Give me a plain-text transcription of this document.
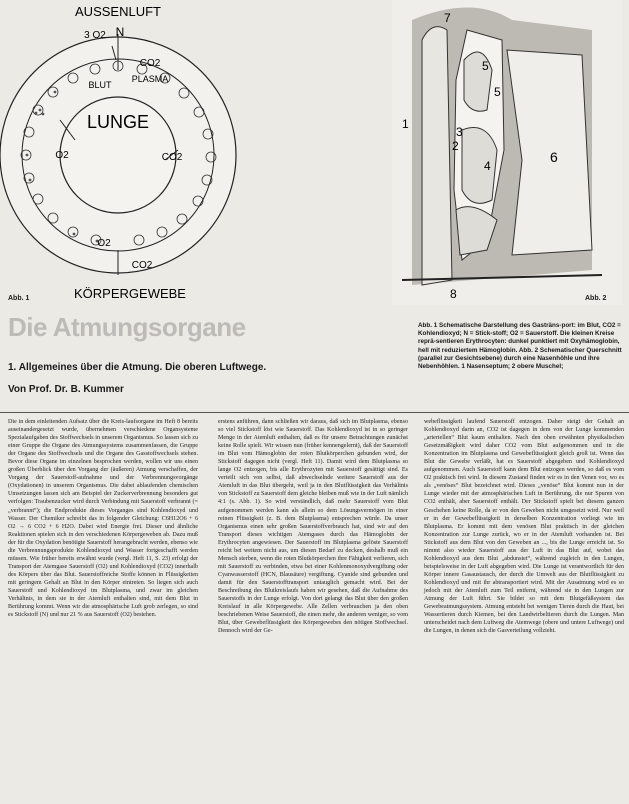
AUSSENLUFT
3 O2 N
CO2
BLUT
PLASMA
LUNGE
O2	CO2
O2
CO2
KÖRPERGEWEBE
Abb. 1
7
5
5
1
3
2
4
6
8	Abb. 2
Die Atmungsorgane
1. Allgemeines über die Atmung. Die oberen Luftwege.
Von Prof. Dr. B. Kummer
Abb. 1 Schematische Darstellung des Gasträns-port: im Blut, CO2 = Kohlendioxyd; N = Stick-stoff; O2 = Sauerstoff. Die kleinen Kreise reprä-sentieren Erythrocyten: dunkel punktiert mit Oxyhämoglobin, hell mit reduziertem Hämoglobin. Abb. 2 Schematischer Querschnitt (parallel zur Gesichtsebene) durch eine Nasenhöhle und ihre Nebenhöhlen. 1 Nasenseptum; 2 obere Muschel;

Die in dem einleitenden Aufsatz über die Kreis-laufsorgane im Heft 8 bereits auseinandergesetzt wurde, übernehmen verschiedene Organsysteme Spezialaufgaben des Stoffwechsels in unserem Organismus. So lassen sich zu einer Gruppe die Organe des Atmungssystems zusammenfassen, die Gruppe der Organe des Stoffwechsels und die Organe des Gasstoffwechsels stehen. Bevor diese Organe im einzelnen besprochen werden, wollen wir uns einen großen Überblick über den Vorgang der (äußeren) Atmung verschaffen, der Vorgang der Sauerstoff-aufnahme und der Verbrennungsvorgänge (Oxydationen) in unserem Organismus. Die dabei ablaufenden chemischen Umsetzungen lassen sich am Beispiel der Zuckerverbrennung besonders gut verfolgen: Traubenzucker wird durch Verbindung mit Sauerstoff verbrannt (= „verbrannt“); die Endprodukte dieses Vorganges sind Kohlendioxyd und Wasser. Der Chemiker schreibt das in folgender Gleichung: C6H12O6 + 6 O2 → 6 CO2 + 6 H2O. Dabei wird Energie frei. Dieser und ähnliche Reaktionen spielen sich in den verschiedenen Körpergeweben ab. Dazu muß der für die Oxydation benötigte Sauerstoff herangebracht werden, ebenso wie die Verbrennungsprodukte Kohlendioxyd und Wasser fortgeschafft werden müssen. Wie früher bereits erwähnt wurde (vergl. Heft 11, S. 23) erfolgt der Transport der Atemgase Sauerstoff (O2) und Kohlendioxyd (CO2) innerhalb des Körpers über das Blut. Sauerstoffreiche Stoffe können in Flüssigkeiten mit geringem Gehalt an Blut in den Körper eintreten. So liegen sich auch Sauerstoff und Kohlendioxyd im Blutplasma, und zwar im gleichen Verhältnis, in dem sie in der Atemluft enthalten sind, mit dem Blut in Berührung kommt. Wenn wir die atmosphärische Luft grob zerlegen, so sind es Stickstoff (N) und nur 21 % aus Sauerstoff (O2) bestehen.

erstens anführen, dann schließen wir daraus, daß sich im Blutplasma, ebenso so viel Stickstoff löst wie Sauerstoff. Das Kohlendioxyd ist in so geringer Menge in der Atemluft enthalten, daß es für unsere Betrachtungen zunächst keine Rolle spielt. Wir wissen nun (früher kennengelernt), daß der Sauerstoff im Blut vom Hämoglobin der roten Blutkörperchen gebunden wird, der Stickstoff dagegen nicht (vergl. Heft 11). Damit wird dem Blutplasma so lange O2 entzogen, bis alle Erythrozyten mit Sauerstoff gesättigt sind. Es verteilt sich von selbst, daß abwechselnde weitere Sauerstoff aus der Atemluft in das Blut übergeht, weil ja in den Blutflüssigkeit das Verhältnis von Stickstoff zu Sauerstoff dem gleiche bleiben muß wie in der Luft nämlich 4:1 (s. Abb. 1). So wird verständlich, daß mehr Sauerstoff vom Blut aufgenommen werden kann als allein so dem Lösungsvermögen in einer reinen Flüssigkeit (z. B. dem Blutplasma) entsprechen würde. Da unser Organismus einen sehr großen Sauerstoffverbrauch hat, sind wir auf den Transport dieses wichtigen Atemgases durch das Hämoglobin der Erythrocyten angewiesen. Der Sauerstoff im Blutplasma gelöste Sauerstoff reicht bei weitem nicht aus, um diesen Bedarf zu decken, deshalb muß ein Mensch sterben, wenn die roten Blutkörperchen ihre Fähigkeit verlieren, sich mit Sauerstoff zu verbinden, etwa bei einer Kohlenmonoxydvergiftung oder Cyanwasserstoff (HCN, Blausäure) vergiftung. Cyanide sind gebunden und damit für den Sauerstofftransport untauglich gemacht wird. Bei der Beschreibung des Blutkreislaufs haben wir gesehen, daß die Aufnahme des Sauerstoffs in der Lunge erfolgt. Von dort gelangt das Blut über den großen Kreislauf in alle Körpergewebe. Alle Zellen verbrauchen ja den oben beschriebenen Weise Sauerstoff, die einen mehr, die anderen weniger, so vom Blut, über Gewebeflüssigkeit des Körpergewebes den nötigen Stoffwechsel. Dennoch wird der Ge-

webeflüssigkeit laufend Sauerstoff entzogen. Daher steigt der Gehalt an Kohlendioxyd darin an, CO2 ist dagegen in dem von der Lunge kommenden „arteriellen“ Blut kaum enthalten. Nach den oben erwähnten physikalischen Gesetzmäßigkeit wird daher CO2 vom Blut aufgenommen und in die Konzentration im Blutplasma und Gewebeflüssigkeit gleich groß ist. Wenn das Blut die Gewebe verläßt, hat es Sauerstoff abgegeben und Kohlendioxyd aufgenommen. Auch Sauerstoff kann dem Blut entzogen werden, so daß es vom O2 praktisch frei wird. In diesem Zustand finden wir es in den Venen vor, wo es als „venöses“ Blut bezeichnet wird. Dieses „venöse“ Blut kommt nun in der Lunge wieder mit der atmosphärischen Luft in Berührung, die nur Spuren von CO2 enthält, aber Sauerstoff enthält. Der Stickstoff spielt bei diesem ganzen Geschehen keine Rolle, da er von den Geweben nicht umgesetzt wird. Nur weil er in der Gewebeflüssigkeit in derselben Konzentration vorliegt wie im Blutplasma. Er kommt mit dem venösen Blut praktisch in der gleichen Konzentration zur Lunge zurück, wo er in der Atemluft vorhanden ist. Bei Stickstoff aus dem Blut von den Geweben an ..., bis die Lunge erreicht ist. So nimmt also wieder Sauerstoff aus der Luft in das Blut auf, wobei das Kohlendioxyd aus dem Blut „abdunstet“, während zugleich in den Lungen, beispielsweise in der Luft abgegeben wird. Die Lunge ist verantwortlich für den Körper innere Gasaustausch, der durch die Umwelt aus der Blutflüssigkeit zu Kohlendioxyd und mit ihr abtransportiert wird. Mit der Ausatmung wird es so jedoch mit der Atemluft zum Teil entfernt, während sie in den Lungen zur Atmung der Luft führt. Sie bildet so mit dem Blutgefäßsystem das Gewebeatmungssystem. Atmung entsteht bei wenigen Tieren durch die Haut, bei Wassertieren durch Kiemen, bei den Landwirbeltieren durch die Lungen. Man unterscheidet nach dem Luftweg die Atemwege (obere und untere Luftwege) und die Lungen, in denen sich die Gasverteilung vollzieht.
